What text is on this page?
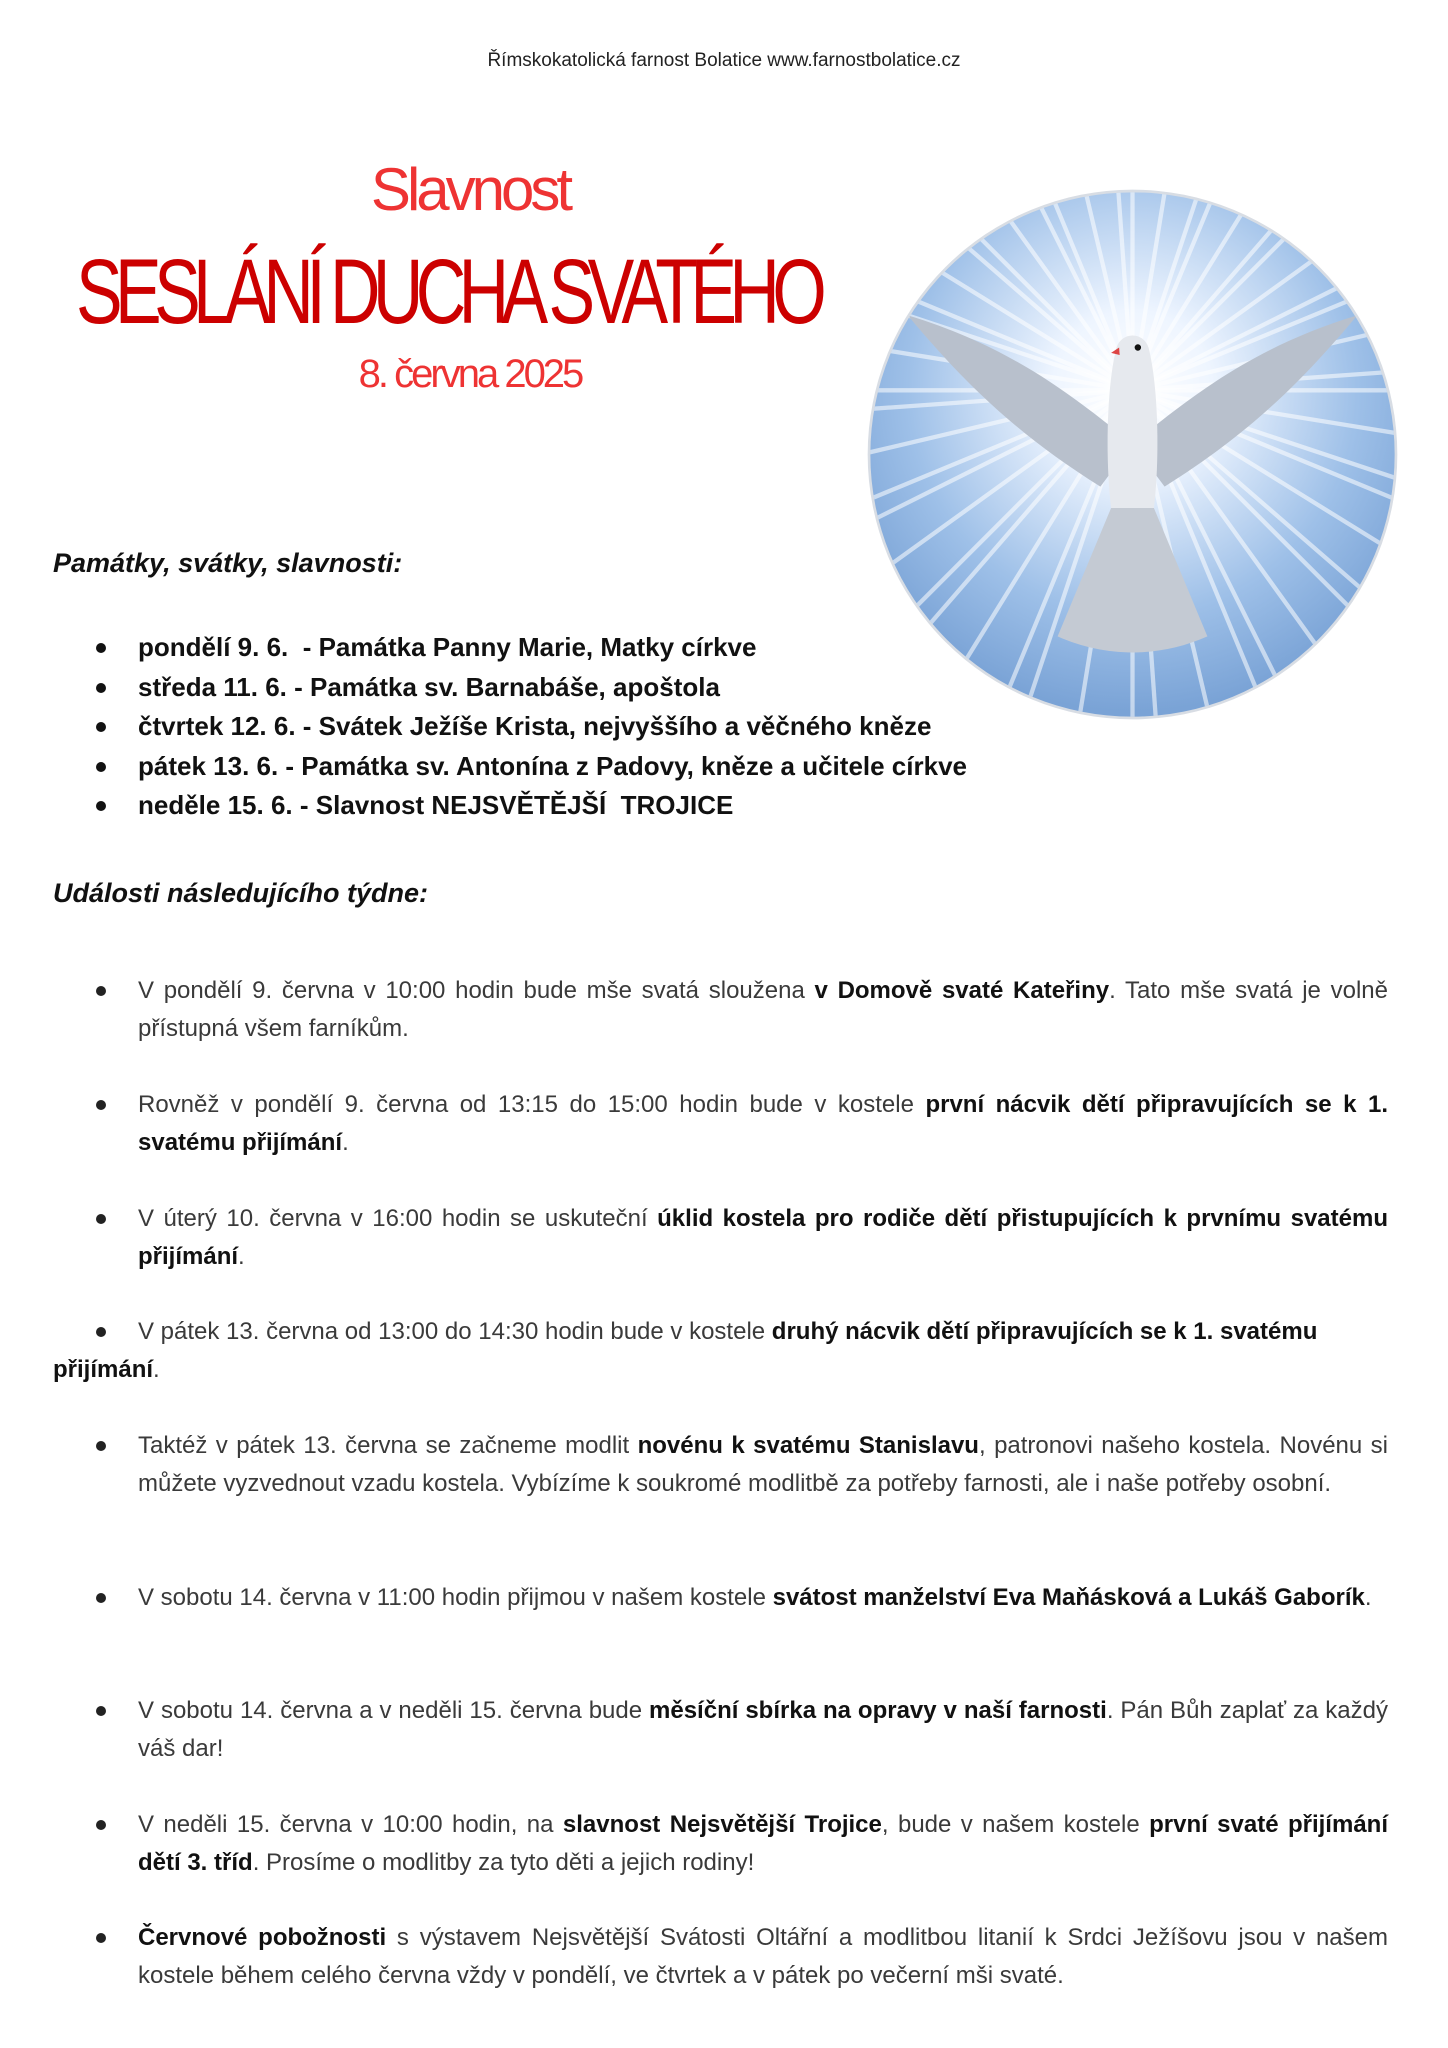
Římskokatolická farnost Bolatice www.farnostbolatice.cz
Slavnost
SESLÁNÍ DUCHA SVATÉHO
8. června 2025
Památky, svátky, slavnosti:
pondělí 9. 6.  - Památka Panny Marie, Matky církve
středa 11. 6. - Památka sv. Barnabáše, apoštola
čtvrtek 12. 6. - Svátek Ježíše Krista, nejvyššího a věčného kněze
pátek 13. 6. - Památka sv. Antonína z Padovy, kněze a učitele církve
neděle 15. 6. - Slavnost NEJSVĚTĚJŠÍ  TROJICE
Události následujícího týdne:
V pondělí 9. června v 10:00 hodin bude mše svatá sloužena v Domově svaté Kateřiny. Tato mše svatá je volně přístupná všem farníkům.
Rovněž v pondělí 9. června od 13:15 do 15:00 hodin bude v kostele první nácvik dětí připravujících se k 1. svatému přijímání.
V úterý 10. června v 16:00 hodin se uskuteční úklid kostela pro rodiče dětí přistupujících k prvnímu svatému přijímání.
V pátek 13. června od 13:00 do 14:30 hodin bude v kostele druhý nácvik dětí připravujících se k 1. svatému přijímání.
Taktéž v pátek 13. června se začneme modlit novénu k svatému Stanislavu, patronovi našeho kostela. Novénu si můžete vyzvednout vzadu kostela. Vybízíme k soukromé modlitbě za potřeby farnosti, ale i naše potřeby osobní.
V sobotu 14. června v 11:00 hodin přijmou v našem kostele svátost manželství Eva Maňásková a Lukáš Gaborík.
V sobotu 14. června a v neděli 15. června bude měsíční sbírka na opravy v naší farnosti. Pán Bůh zaplať za každý váš dar!
V neděli 15. června v 10:00 hodin, na slavnost Nejsvětější Trojice, bude v našem kostele první svaté přijímání dětí 3. tříd. Prosíme o modlitby za tyto děti a jejich rodiny!
Červnové pobožnosti s výstavem Nejsvětější Svátosti Oltářní a modlitbou litanií k Srdci Ježíšovu jsou v našem kostele během celého června vždy v pondělí, ve čtvrtek a v pátek po večerní mši svaté.
